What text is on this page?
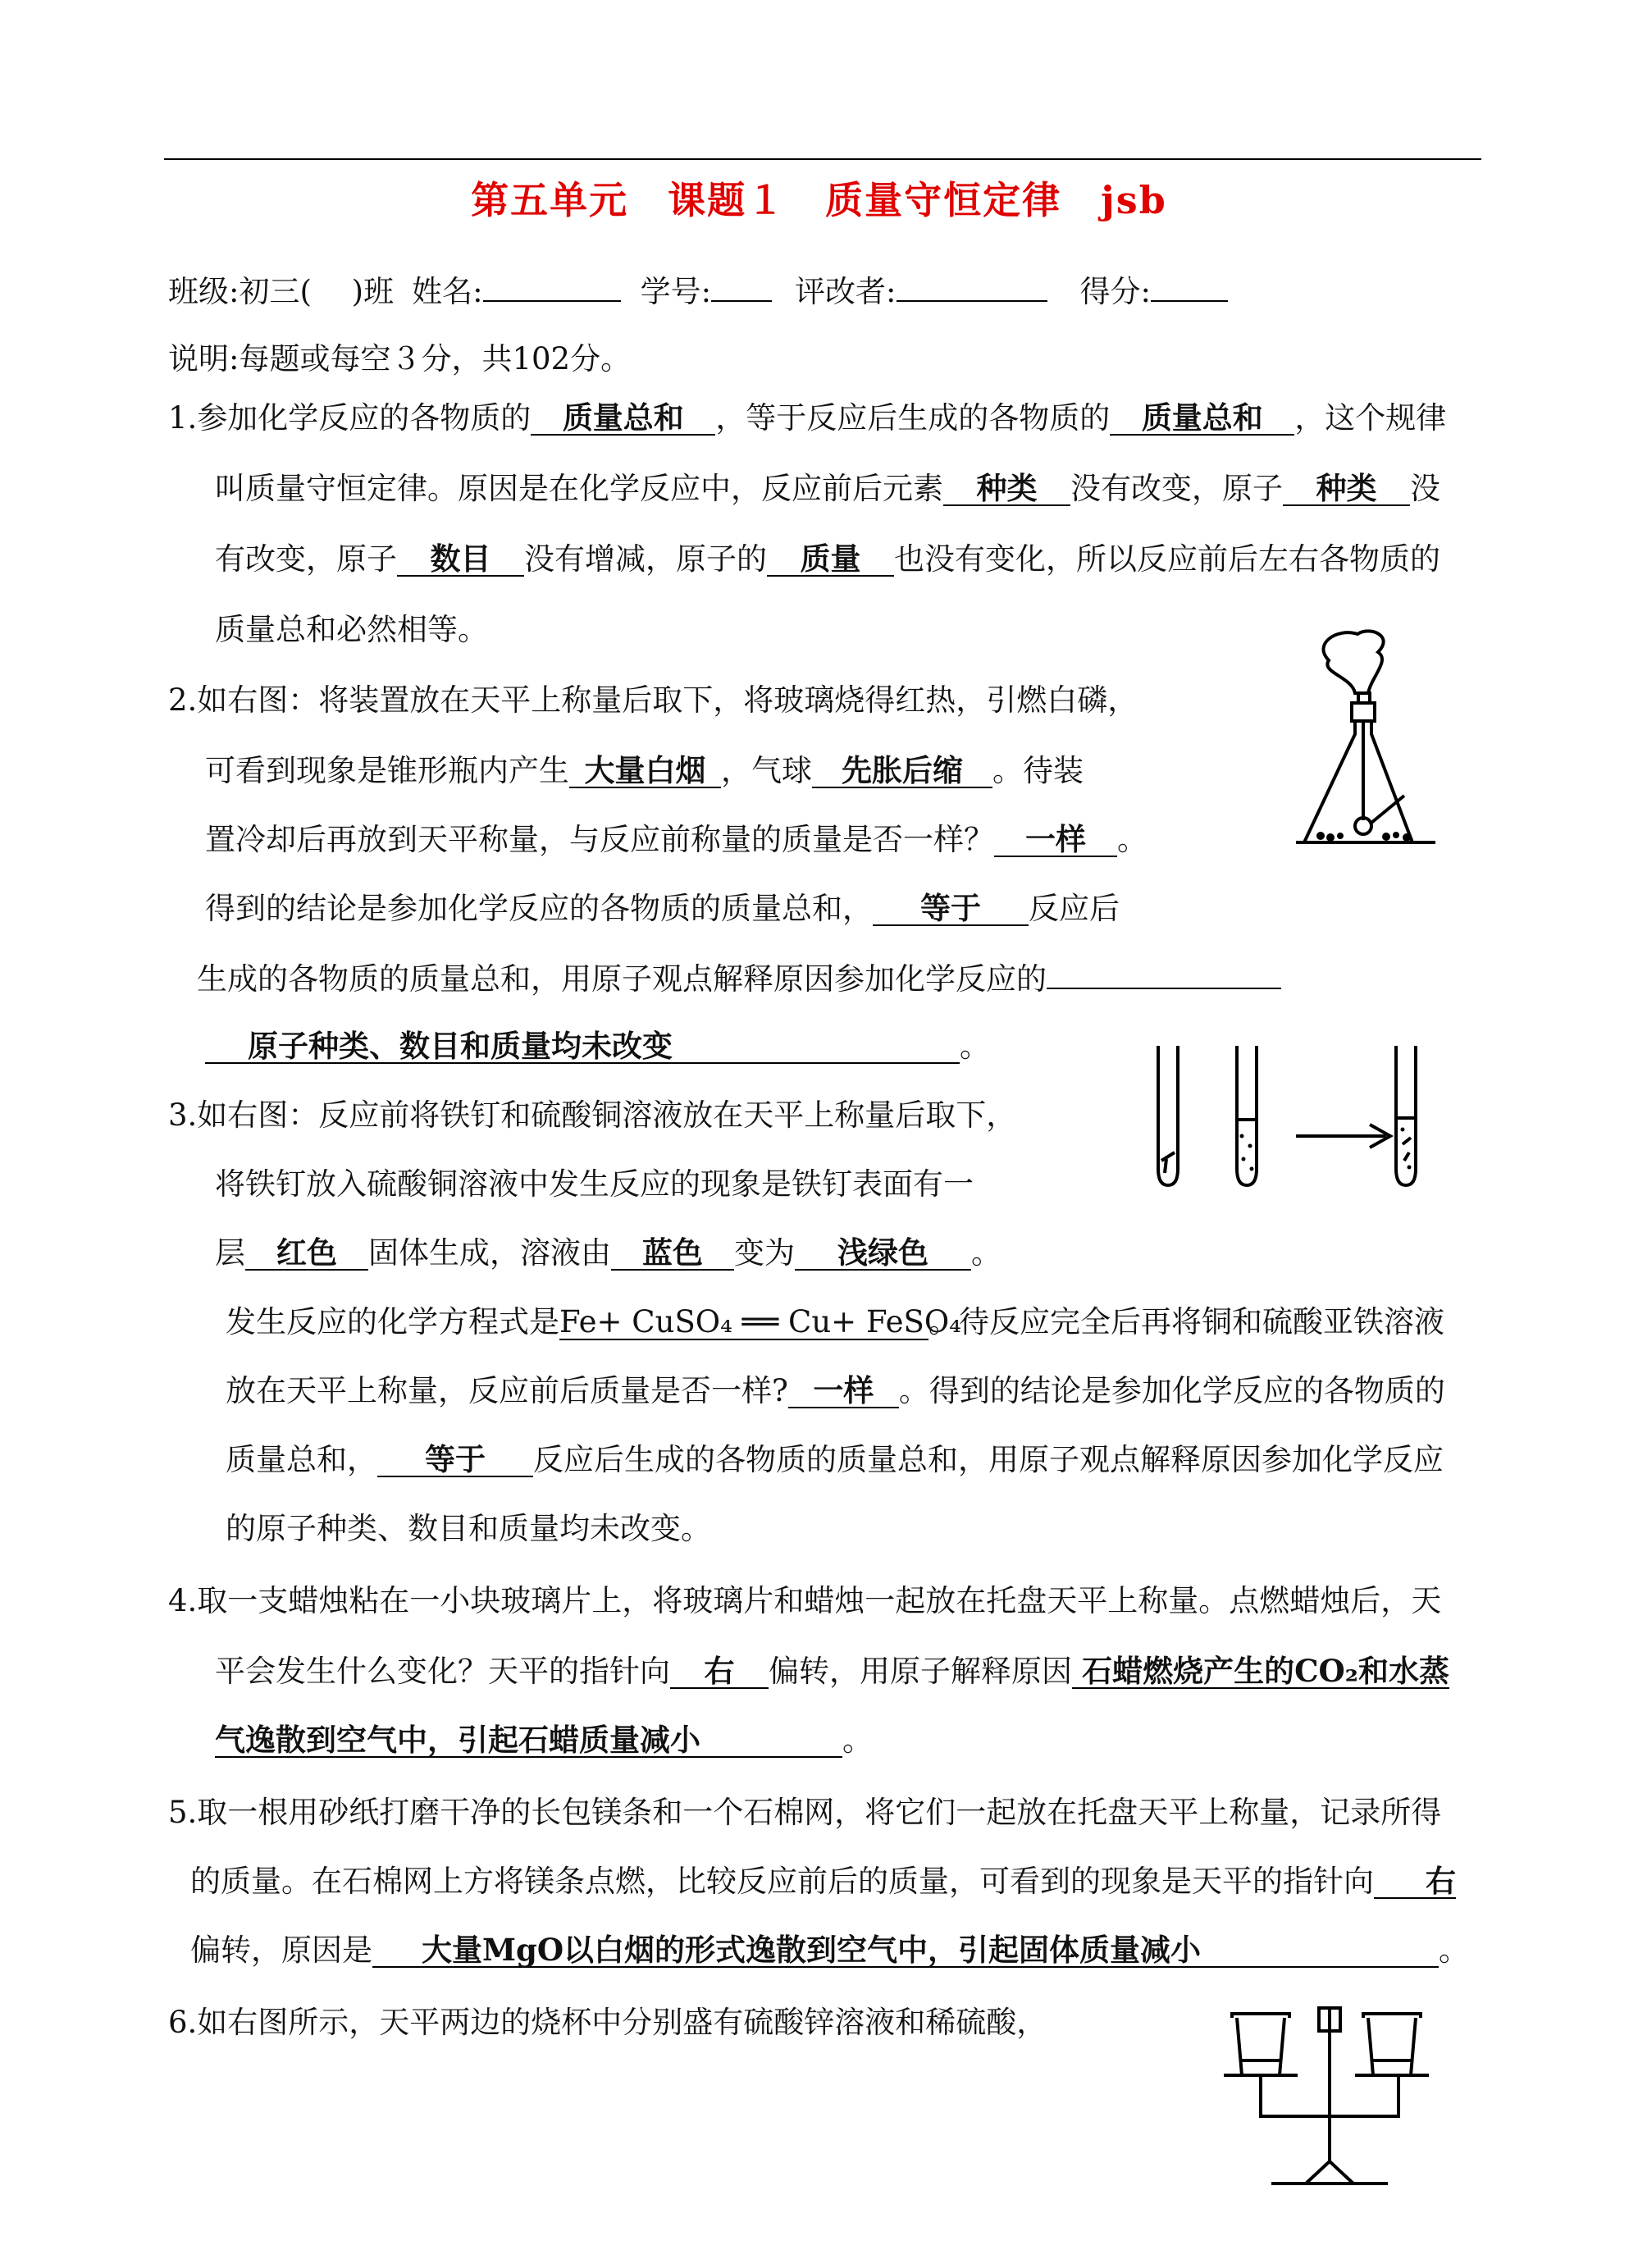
第五单元　课题１　质量守恒定律　jsb
班级:初三(　 )班 姓名:	学号:	评改者:	得分:
说明:每题或每空３分，共102分。
1.参加化学反应的各物质的 质量总和 ，等于反应后生成的各物质的 质量总和 ，这个规律
叫质量守恒定律。原因是在化学反应中，反应前后元素 种类 没有改变，原子 种类 没
有改变，原子 数目 没有增减，原子的 质量 也没有变化，所以反应前后左右各物质的
质量总和必然相等。
2.如右图：将装置放在天平上称量后取下，将玻璃烧得红热，引燃白磷，
可看到现象是锥形瓶内产生 大量白烟 ，气球 先胀后缩 。待装
置冷却后再放到天平称量，与反应前称量的质量是否一样？ 一样 。
得到的结论是参加化学反应的各物质的质量总和， 等于 反应后
生成的各物质的质量总和，用原子观点解释原因参加化学反应的
原子种类、数目和质量均未改变	。
3.如右图：反应前将铁钉和硫酸铜溶液放在天平上称量后取下，
将铁钉放入硫酸铜溶液中发生反应的现象是铁钉表面有一
层 红色 固体生成，溶液由 蓝色 变为 浅绿色 。
发生反应的化学方程式是Fe+ CuSO₄ ══ Cu+ FeSO₄。待反应完全后再将铜和硫酸亚铁溶液
放在天平上称量，反应前后质量是否一样? 一样 。得到的结论是参加化学反应的各物质的
质量总和， 等于 反应后生成的各物质的质量总和，用原子观点解释原因参加化学反应
的原子种类、数目和质量均未改变。
4.取一支蜡烛粘在一小块玻璃片上，将玻璃片和蜡烛一起放在托盘天平上称量。点燃蜡烛后，天
平会发生什么变化？天平的指针向 右 偏转，用原子解释原因 石蜡燃烧产生的CO₂和水蒸
气逸散到空气中，引起石蜡质量减小	。
5.取一根用砂纸打磨干净的长包镁条和一个石棉网，将它们一起放在托盘天平上称量，记录所得
的质量。在石棉网上方将镁条点燃，比较反应前后的质量，可看到的现象是天平的指针向 右
偏转，原因是 大量MgO以白烟的形式逸散到空气中，引起固体质量减小	。
6.如右图所示，天平两边的烧杯中分别盛有硫酸锌溶液和稀硫酸，
